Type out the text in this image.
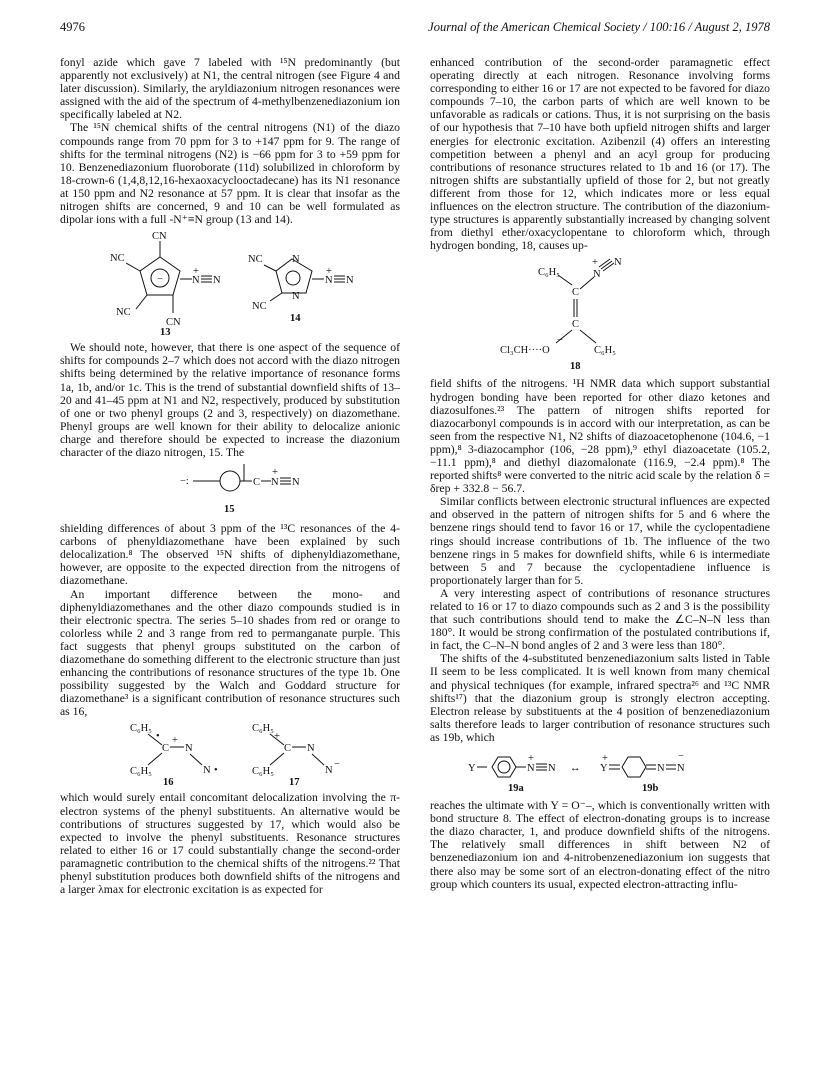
4976	Journal of the American Chemical Society / 100:16 / August 2, 1978

fonyl azide which gave 7 labeled with ¹⁵N predominantly (but apparently not exclusively) at N1, the central nitrogen (see Figure 4 and later discussion). Similarly, the aryldiazonium nitrogen resonances were assigned with the aid of the spectrum of 4-methylbenzenediazonium ion specifically labeled at N2.

The ¹⁵N chemical shifts of the central nitrogens (N1) of the diazo compounds range from 70 ppm for 3 to +147 ppm for 9. The range of shifts for the terminal nitrogens (N2) is −66 ppm for 3 to +59 ppm for 10. Benzenediazonium fluoroborate (11d) solubilized in chloroform by 18-crown-6 (1,4,8,12,16-hexaoxacyclooctadecane) has its N1 resonance at 150 ppm and N2 resonance at 57 ppm. It is clear that insofar as the nitrogen shifts are concerned, 9 and 10 can be well formulated as dipolar ions with a full -N⁺≡N group (13 and 14).

−
CN
NC
NC
CN
+
N N
13
N
N
NC
NC
+
N N
14

We should note, however, that there is one aspect of the sequence of shifts for compounds 2–7 which does not accord with the diazo nitrogen shifts being determined by the relative importance of resonance forms 1a, 1b, and/or 1c. This is the trend of substantial downfield shifts of 13–20 and 41–45 ppm at N1 and N2, respectively, produced by substitution of one or two phenyl groups (2 and 3, respectively) on diazomethane. Phenyl groups are well known for their ability to delocalize anionic charge and therefore should be expected to increase the diazonium character of the diazo nitrogen, 15. The

−:	C
+
N N
15

shielding differences of about 3 ppm of the ¹³C resonances of the 4-carbons of phenyldiazomethane have been explained by such delocalization.⁸ The observed ¹⁵N shifts of diphenyldiazomethane, however, are opposite to the expected direction from the nitrogens of diazomethane.

An important difference between the mono- and diphenyldiazomethanes and the other diazo compounds studied is in their electronic spectra. The series 5–10 shades from red or orange to colorless while 2 and 3 range from red to permanganate purple. This fact suggests that phenyl groups substituted on the carbon of diazomethane do something different to the electronic structure than just enhancing the contributions of resonance structures of the type 1b. One possibility suggested by the Walch and Goddard structure for diazomethane³ is a significant contribution of resonance structures such as 16,

C₆H₅
•
C
+
N
C₆H₅	N •
16
C₆H₅
+
C N
C₆H₅	N
−
17

which would surely entail concomitant delocalization involving the π-electron systems of the phenyl substituents. An alternative would be contributions of structures suggested by 17, which would also be expected to involve the phenyl substituents. Resonance structures related to either 16 or 17 could substantially change the second-order paramagnetic contribution to the chemical shifts of the nitrogens.²² That phenyl substitution produces both downfield shifts of the nitrogens and a larger λmax for electronic excitation is as expected for

enhanced contribution of the second-order paramagnetic effect operating directly at each nitrogen. Resonance involving forms corresponding to either 16 or 17 are not expected to be favored for diazo compounds 7–10, the carbon parts of which are well known to be unfavorable as radicals or cations. Thus, it is not surprising on the basis of our hypothesis that 7–10 have both upfield nitrogen shifts and larger energies for electronic excitation. Azibenzil (4) offers an interesting competition between a phenyl and an acyl group for producing contributions of resonance structures related to 1b and 16 (or 17). The nitrogen shifts are substantially upfield of those for 2, but not greatly different from those for 12, which indicates more or less equal influences on the electron structure. The contribution of the diazonium-type structures is apparently substantially increased by changing solvent from diethyl ether/oxacyclopentane to chloroform which, through hydrogen bonding, 18, causes up-

C₆H₅
C
+
N
N
C
−
Cl₃CH····O	C₆H₅
18

field shifts of the nitrogens. ¹H NMR data which support substantial hydrogen bonding have been reported for other diazo ketones and diazosulfones.²³ The pattern of nitrogen shifts reported for diazocarbonyl compounds is in accord with our interpretation, as can be seen from the respective N1, N2 shifts of diazoacetophenone (104.6, −1 ppm),⁸ 3-diazocamphor (106, −28 ppm),⁹ ethyl diazoacetate (105.2, −11.1 ppm),⁸ and diethyl diazomalonate (116.9, −2.4 ppm).⁸ The reported shifts⁸ were converted to the nitric acid scale by the relation δ = δrep + 332.8 − 56.7.

Similar conflicts between electronic structural influences are expected and observed in the pattern of nitrogen shifts for 5 and 6 where the benzene rings should tend to favor 16 or 17, while the cyclopentadiene rings should increase contributions of 1b. The influence of the two benzene rings in 5 makes for downfield shifts, while 6 is intermediate between 5 and 7 because the cyclopentadiene influence is proportionately larger than for 5.

A very interesting aspect of contributions of resonance structures related to 16 or 17 to diazo compounds such as 2 and 3 is the possibility that such contributions should tend to make the ∠C–N–N less than 180°. It would be strong confirmation of the postulated contributions if, in fact, the C–N–N bond angles of 2 and 3 were less than 180°.

The shifts of the 4-substituted benzenediazonium salts listed in Table II seem to be less complicated. It is well known from many chemical and physical techniques (for example, infrared spectra²⁶ and ¹³C NMR shifts¹⁷) that the diazonium group is strongly electron accepting. Electron release by substituents at the 4 position of benzenediazonium salts therefore leads to larger contribution of resonance structures such as 19b, which

Y
+
N N
19a
↔
+
Y	N N
−
19b

reaches the ultimate with Y = O⁻–, which is conventionally written with bond structure 8. The effect of electron-donating groups is to increase the diazo character, 1, and produce downfield shifts of the nitrogens. The relatively small differences in shift between N2 of benzenediazonium ion and 4-nitrobenzenediazonium ion suggests that there also may be some sort of an electron-donating effect of the nitro group which counters its usual, expected electron-attracting influ-
